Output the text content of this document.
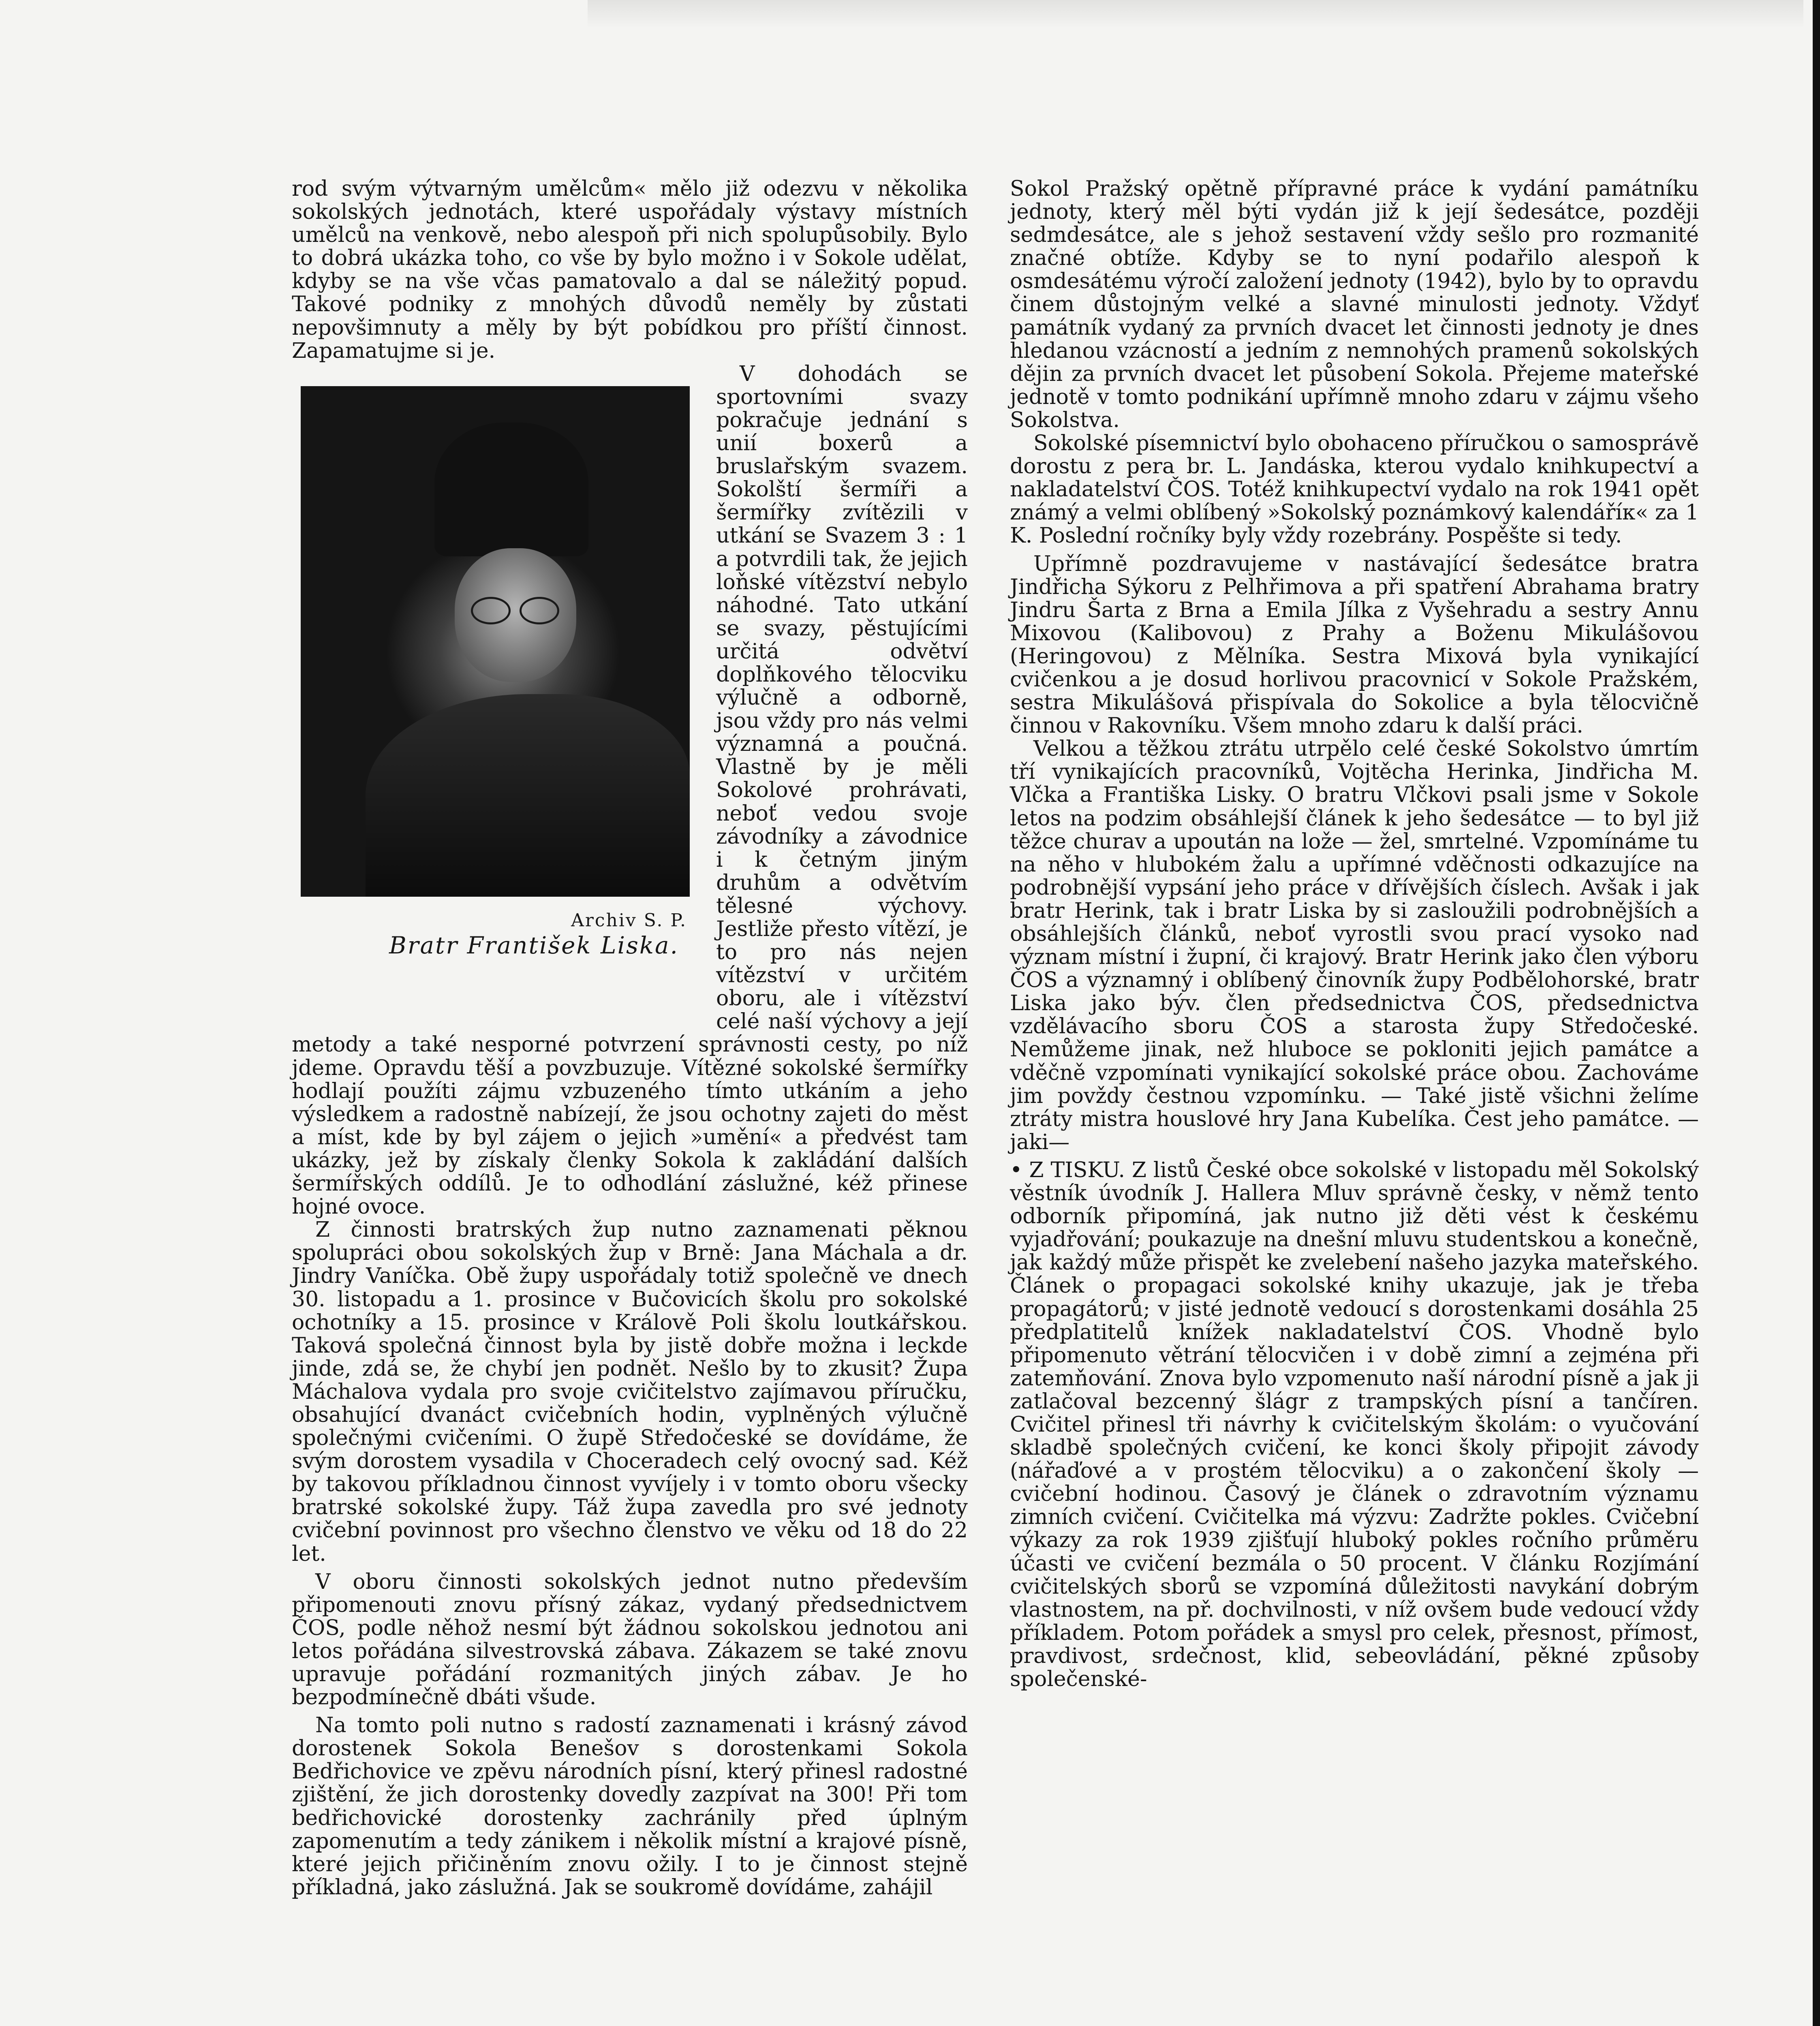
rod svým výtvarným umělcům« mělo již odezvu v několika sokolských jednotách, které uspořádaly výstavy místních umělců na venkově, nebo alespoň při nich spolupůsobily. Bylo to dobrá ukázka toho, co vše by bylo možno i v Sokole udělat, kdyby se na vše včas pamatovalo a dal se náležitý popud. Takové podniky z mnohých důvodů neměly by zůstati nepovšimnuty a měly by být pobídkou pro příští činnost. Zapamatujme si je.

Archiv S. P.
Bratr František Liska.

V dohodách se sportovními svazy pokračuje jednání s unií boxerů a bruslařským svazem. Sokolští šermíři a šermířky zvítězili v utkání se Svazem 3 : 1 a potvrdili tak, že jejich loňské vítězství nebylo náhodné. Tato utkání se svazy, pěstujícími určitá odvětví doplňkového tělocviku výlučně a odborně, jsou vždy pro nás velmi významná a poučná. Vlastně by je měli Sokolové prohrávati, neboť vedou svoje závodníky a závodnice i k četným jiným druhům a odvětvím tělesné výchovy. Jestliže přesto vítězí, je to pro nás nejen vítězství v určitém oboru, ale i vítězství celé naší výchovy a její metody a také nesporné potvrzení správnosti cesty, po níž jdeme. Opravdu těší a povzbuzuje. Vítězné sokolské šermířky hodlají použíti zájmu vzbuzeného tímto utkáním a jeho výsledkem a radostně nabízejí, že jsou ochotny zajeti do měst a míst, kde by byl zájem o jejich »umění« a předvést tam ukázky, jež by získaly členky Sokola k zakládání dalších šermířských oddílů. Je to odhodlání záslužné, kéž přinese hojné ovoce.

Z činnosti bratrských žup nutno zaznamenati pěknou spolupráci obou sokolských žup v Brně: Jana Máchala a dr. Jindry Vaníčka. Obě župy uspořádaly totiž společně ve dnech 30. listopadu a 1. prosince v Bučovicích školu pro sokolské ochotníky a 15. prosince v Králově Poli školu loutkářskou. Taková společná činnost byla by jistě dobře možna i leckde jinde, zdá se, že chybí jen podnět. Nešlo by to zkusit? Župa Máchalova vydala pro svoje cvičitelstvo zajímavou příručku, obsahující dvanáct cvičebních hodin, vyplněných výlučně společnými cvičeními. O župě Středočeské se dovídáme, že svým dorostem vysadila v Choceradech celý ovocný sad. Kéž by takovou příkladnou činnost vyvíjely i v tomto oboru všecky bratrské sokolské župy. Táž župa zavedla pro své jednoty cvičební povinnost pro všechno členstvo ve věku od 18 do 22 let.

V oboru činnosti sokolských jednot nutno především připomenouti znovu přísný zákaz, vydaný předsednictvem ČOS, podle něhož nesmí být žádnou sokolskou jednotou ani letos pořádána silvestrovská zábava. Zákazem se také znovu upravuje pořádání rozmanitých jiných zábav. Je ho bezpodmínečně dbáti všude.

Na tomto poli nutno s radostí zaznamenati i krásný závod dorostenek Sokola Benešov s dorostenkami Sokola Bedřichovice ve zpěvu národních písní, který přinesl radostné zjištění, že jich dorostenky dovedly zazpívat na 300! Při tom bedřichovické dorostenky zachránily před úplným zapomenutím a tedy zánikem i několik místní a krajové písně, které jejich přičiněním znovu ožily. I to je činnost stejně příkladná, jako záslužná. Jak se soukromě dovídáme, zahájil

Sokol Pražský opětně přípravné práce k vydání památníku jednoty, který měl býti vydán již k její šedesátce, později sedmdesátce, ale s jehož sestavení vždy sešlo pro rozmanité značné obtíže. Kdyby se to nyní podařilo alespoň k osmdesátému výročí založení jednoty (1942), bylo by to opravdu činem důstojným velké a slavné minulosti jednoty. Vždyť památník vydaný za prvních dvacet let činnosti jednoty je dnes hledanou vzácností a jedním z nemnohých pramenů sokolských dějin za prvních dvacet let působení Sokola. Přejeme mateřské jednotě v tomto podnikání upřímně mnoho zdaru v zájmu všeho Sokolstva.

Sokolské písemnictví bylo obohaceno příručkou o samosprávě dorostu z pera br. L. Jandáska, kterou vydalo knihkupectví a nakladatelství ČOS. Totéž knihkupectví vydalo na rok 1941 opět známý a velmi oblíbený »Sokolský poznámkový kalendáříк« za 1 K. Poslední ročníky byly vždy rozebrány. Pospěšte si tedy.

Upřímně pozdravujeme v nastávající šedesátce bratra Jindřicha Sýkoru z Pelhřimova a při spatření Abrahama bratry Jindru Šarta z Brna a Emila Jílka z Vyšehradu a sestry Annu Mixovou (Kalibovou) z Prahy a Boženu Mikulášovou (Heringovou) z Mělníka. Sestra Mixová byla vynikající cvičenkou a je dosud horlivou pracovnicí v Sokole Pražském, sestra Mikulášová přispívala do Sokolice a byla tělocvičně činnou v Rakovníku. Všem mnoho zdaru k další práci.

Velkou a těžkou ztrátu utrpělo celé české Sokolstvo úmrtím tří vynikajících pracovníků, Vojtěcha Herinka, Jindřicha M. Vlčka a Františka Lisky. O bratru Vlčkovi psali jsme v Sokole letos na podzim obsáhlejší článek k jeho šedesátce — to byl již těžce churav a upoután na lože — žel, smrtelné. Vzpomínáme tu na něho v hlubokém žalu a upřímné vděčnosti odkazujíce na podrobnější vypsání jeho práce v dřívějších číslech. Avšak i jak bratr Herink, tak i bratr Liska by si zasloužili podrobnějších a obsáhlejších článků, neboť vyrostli svou prací vysoko nad význam místní i župní, či krajový. Bratr Herink jako člen výboru ČOS a významný i oblíbený činovník župy Podbělohorské, bratr Liska jako býv. člen předsednictva ČOS, předsednictva vzdělávacího sboru ČOS a starosta župy Středočeské. Nemůžeme jinak, než hluboce se pokloniti jejich památce a vděčně vzpomínati vynikající sokolské práce obou. Zachováme jim povždy čestnou vzpomínku. — Také jistě všichni želíme ztráty mistra houslové hry Jana Kubelíka. Čest jeho památce. —jaki—

• Z TISKU. Z listů České obce sokolské v listopadu měl Sokolský věstník úvodník J. Hallera Mluv správně česky, v němž tento odborník připomíná, jak nutno již děti vést k českému vyjadřování; poukazuje na dnešní mluvu studentskou a konečně, jak každý může přispět ke zvelebení našeho jazyka mateřského. Článek o propagaci sokolské knihy ukazuje, jak je třeba propagátorů; v jisté jednotě vedoucí s dorostenkami dosáhla 25 předplatitelů knížek nakladatelství ČOS. Vhodně bylo připomenuto větrání tělocvičen i v době zimní a zejména při zatemňování. Znova bylo vzpomenuto naší národní písně a jak ji zatlačoval bezcenný šlágr z trampských písní a tančíren. Cvičitel přinesl tři návrhy k cvičitelským školám: o vyučování skladbě společných cvičení, ke konci školy připojit závody (nářaďové a v prostém tělocviku) a o zakončení školy — cvičební hodinou. Časový je článek o zdravotním významu zimních cvičení. Cvičitelka má výzvu: Zadržte pokles. Cvičební výkazy za rok 1939 zjišťují hluboký pokles ročního průměru účasti ve cvičení bezmála o 50 procent. V článku Rozjímání cvičitelských sborů se vzpomíná důležitosti navykání dobrým vlastnostem, na př. dochvilnosti, v níž ovšem bude vedoucí vždy příkladem. Potom pořádek a smysl pro celek, přesnost, přímost, pravdivost, srdečnost, klid, sebeovládání, pěkné způsoby společenské-
